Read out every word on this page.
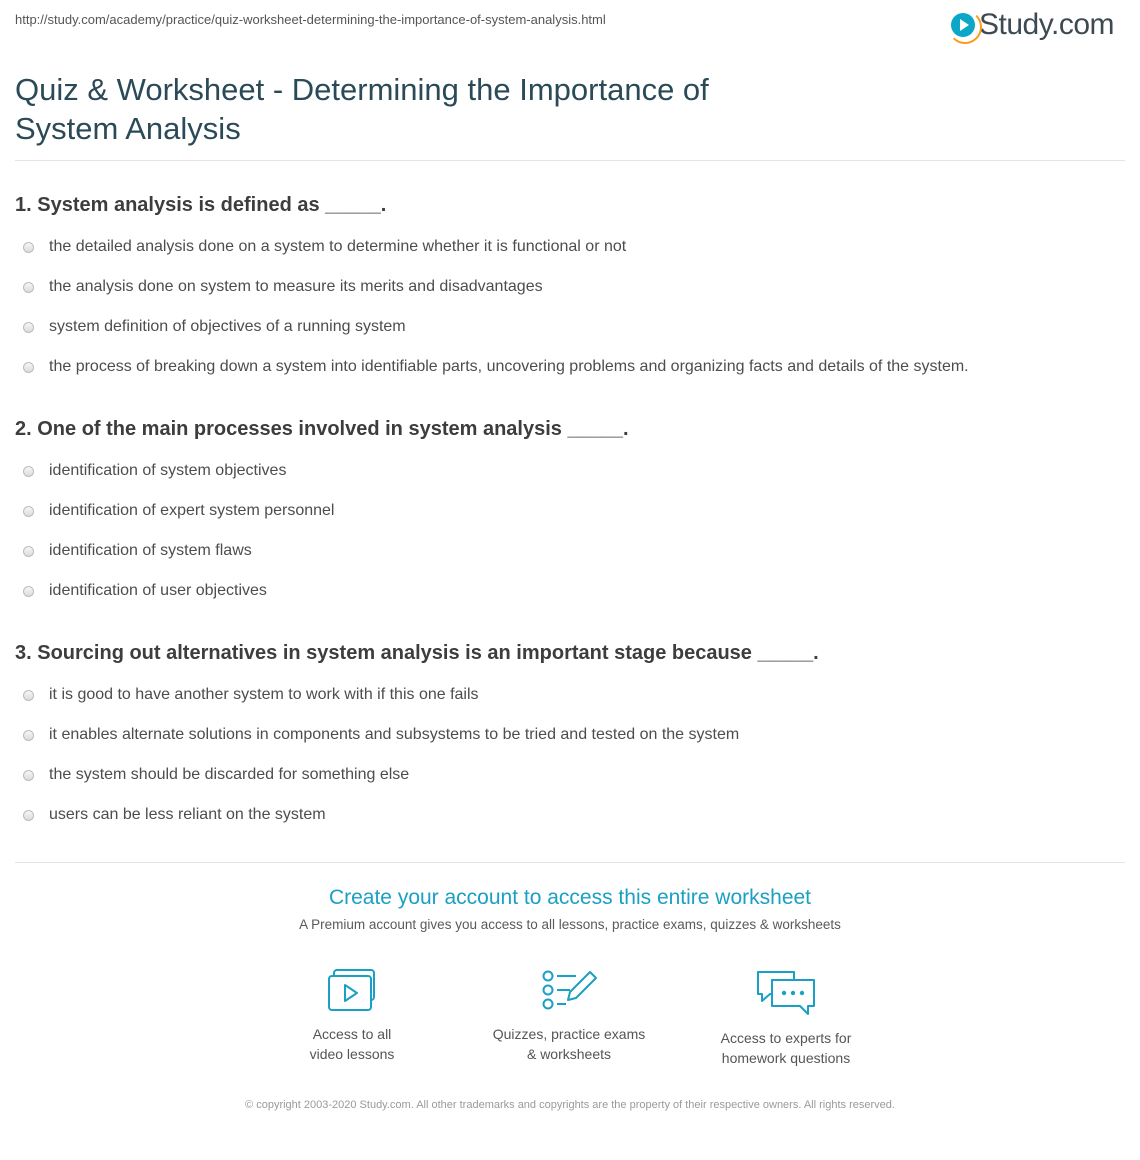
http://study.com/academy/practice/quiz-worksheet-determining-the-importance-of-system-analysis.html	Study.com
Quiz & Worksheet - Determining the Importance of System Analysis
1. System analysis is defined as _____.
the detailed analysis done on a system to determine whether it is functional or not
the analysis done on system to measure its merits and disadvantages
system definition of objectives of a running system
the process of breaking down a system into identifiable parts, uncovering problems and organizing facts and details of the system.
2. One of the main processes involved in system analysis _____.
identification of system objectives
identification of expert system personnel
identification of system flaws
identification of user objectives
3. Sourcing out alternatives in system analysis is an important stage because _____.
it is good to have another system to work with if this one fails
it enables alternate solutions in components and subsystems to be tried and tested on the system
the system should be discarded for something else
users can be less reliant on the system
Create your account to access this entire worksheet
A Premium account gives you access to all lessons, practice exams, quizzes & worksheets
Access to all
video lessons
Quizzes, practice exams
& worksheets
Access to experts for
homework questions
© copyright 2003-2020 Study.com. All other trademarks and copyrights are the property of their respective owners. All rights reserved.
